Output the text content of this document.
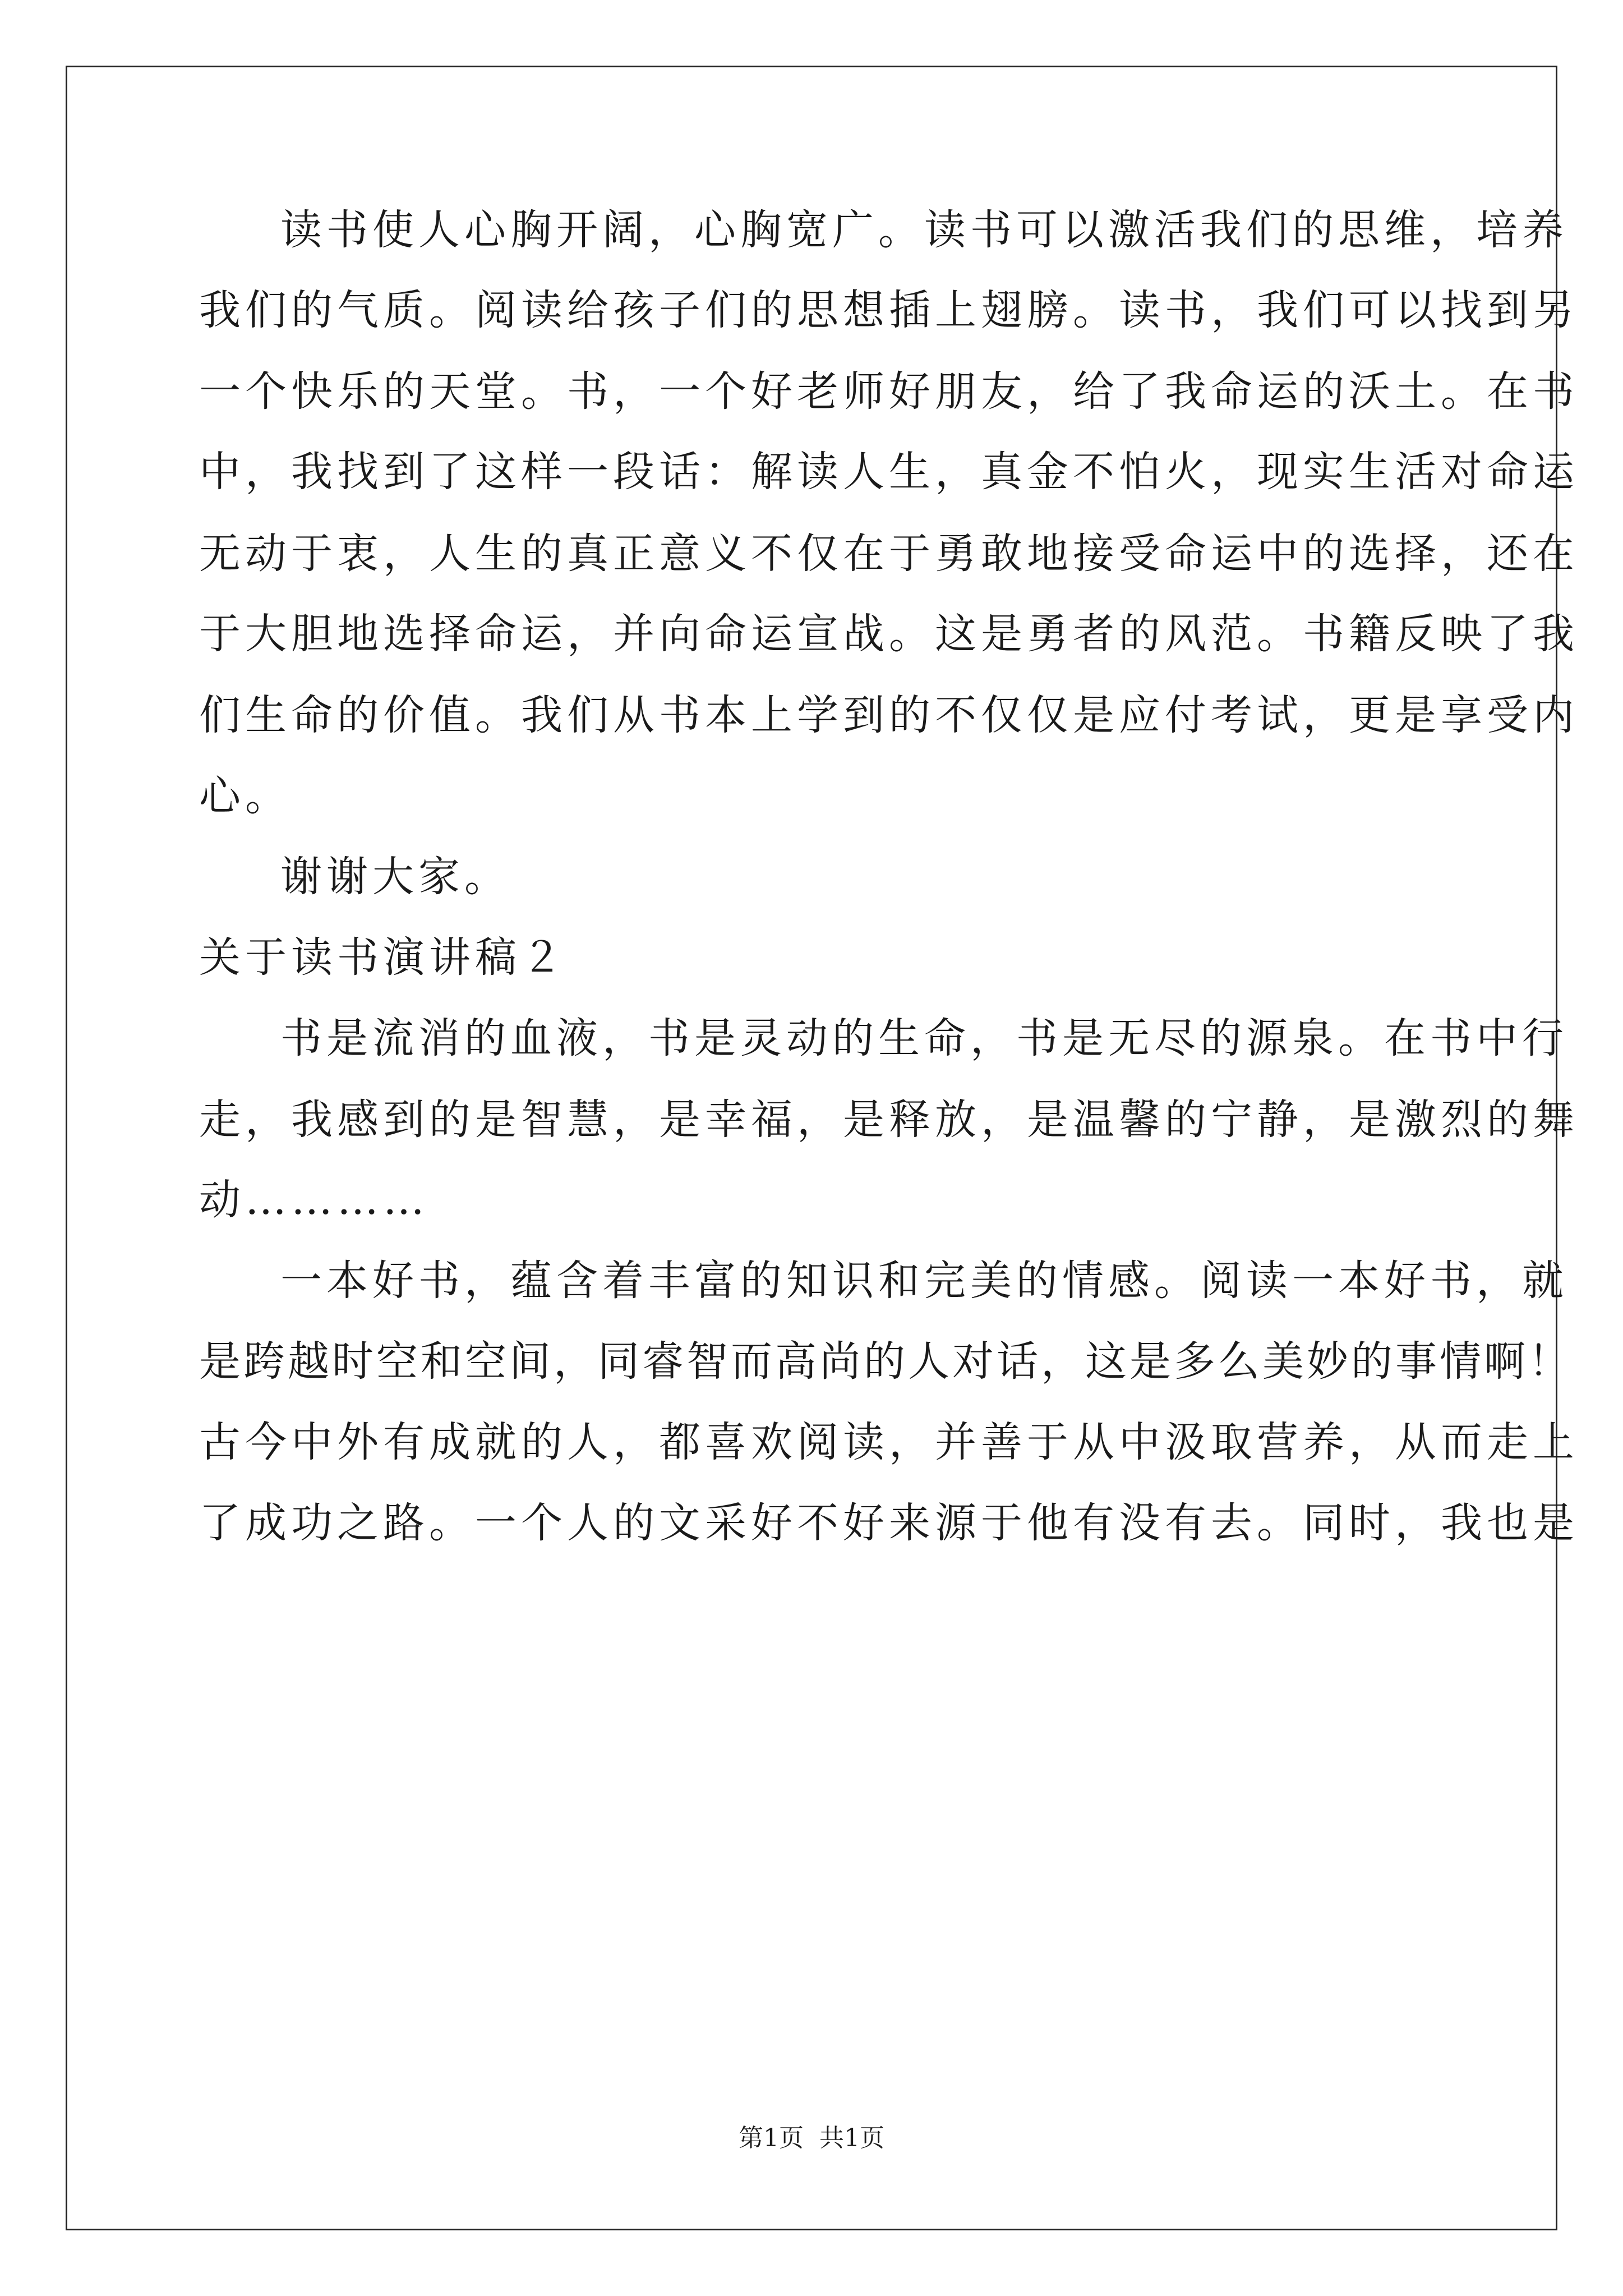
读书使人心胸开阔，心胸宽广。读书可以激活我们的思维，培养
我们的气质。阅读给孩子们的思想插上翅膀。读书，我们可以找到另
一个快乐的天堂。书，一个好老师好朋友，给了我命运的沃土。在书
中，我找到了这样一段话：解读人生，真金不怕火，现实生活对命运
无动于衷，人生的真正意义不仅在于勇敢地接受命运中的选择，还在
于大胆地选择命运，并向命运宣战。这是勇者的风范。书籍反映了我
们生命的价值。我们从书本上学到的不仅仅是应付考试，更是享受内
心。
谢谢大家。
关于读书演讲稿２
书是流消的血液，书是灵动的生命，书是无尽的源泉。在书中行
走，我感到的是智慧，是幸福，是释放，是温馨的宁静，是激烈的舞
动…………
一本好书，蕴含着丰富的知识和完美的情感。阅读一本好书，就
是跨越时空和空间，同睿智而高尚的人对话，这是多么美妙的事情啊！
古今中外有成就的人，都喜欢阅读，并善于从中汲取营养，从而走上
了成功之路。一个人的文采好不好来源于他有没有去。同时，我也是
第1页  共1页
